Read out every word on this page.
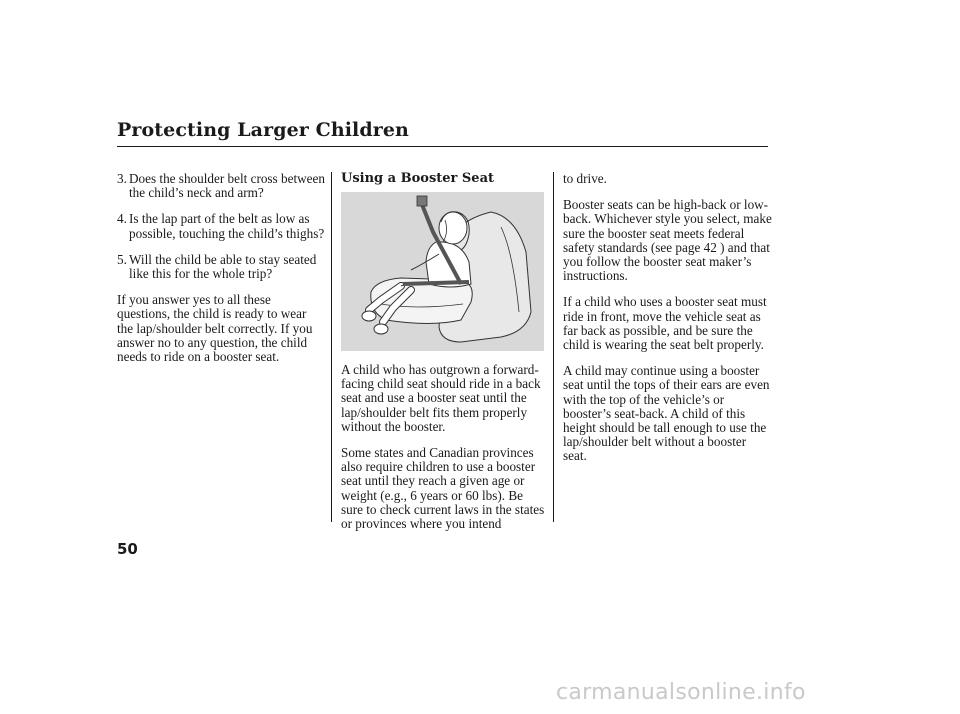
Protecting Larger Children
3. Does the shoulder belt cross between the child’s neck and arm?
4. Is the lap part of the belt as low as possible, touching the child’s thighs?
5. Will the child be able to stay seated like this for the whole trip?

If you answer yes to all these questions, the child is ready to wear the lap/shoulder belt correctly. If you answer no to any question, the child needs to ride on a booster seat.

Using a Booster Seat

A child who has outgrown a forward-facing child seat should ride in a back seat and use a booster seat until the lap/shoulder belt fits them properly without the booster.

Some states and Canadian provinces also require children to use a booster seat until they reach a given age or weight (e.g., 6 years or 60 lbs). Be sure to check current laws in the states or provinces where you intend

to drive.

Booster seats can be high-back or low-back. Whichever style you select, make sure the booster seat meets federal safety standards (see page 42 ) and that you follow the booster seat maker’s instructions.

If a child who uses a booster seat must ride in front, move the vehicle seat as far back as possible, and be sure the child is wearing the seat belt properly.

A child may continue using a booster seat until the tops of their ears are even with the top of the vehicle’s or booster’s seat-back. A child of this height should be tall enough to use the lap/shoulder belt without a booster seat.

50
carmanualsonline.info
